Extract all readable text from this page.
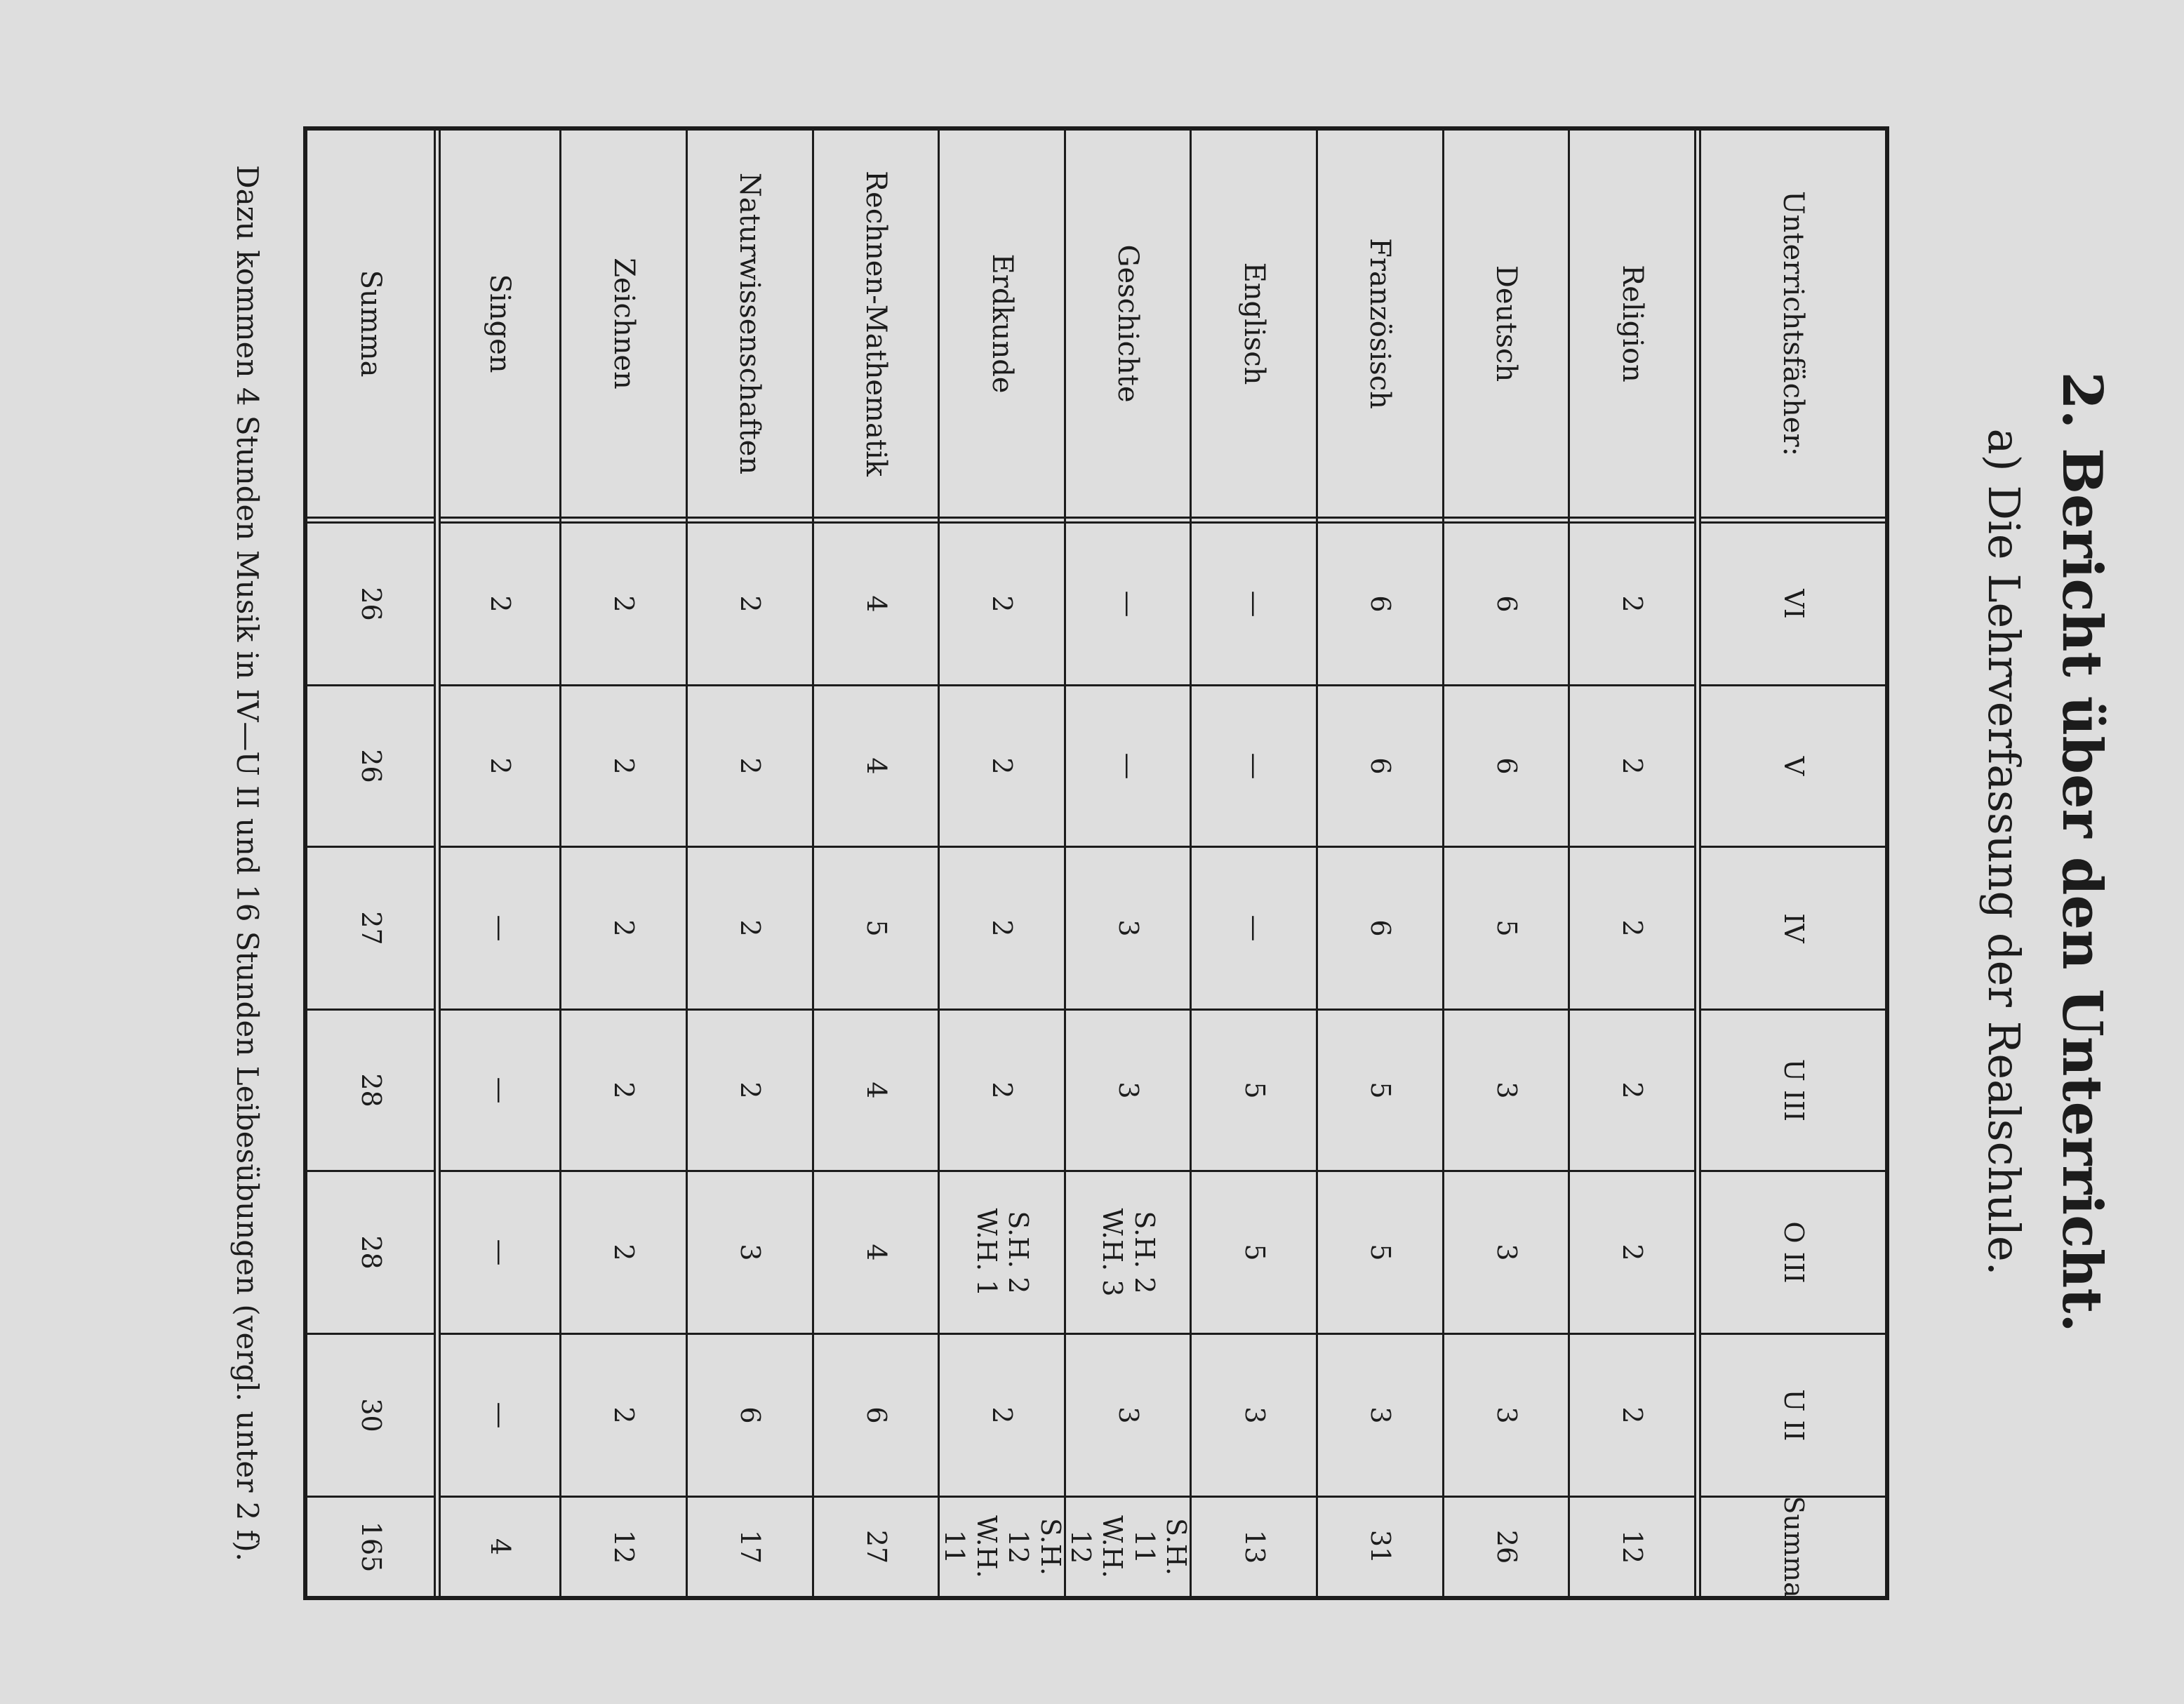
2. Bericht über den Unterricht.
a) Die Lehrverfassung der Realschule.
Unterrichtsfächer:
VI
V
IV
U III
O III
U II
Summa
Religion
2
2
2
2
2
2
12
Deutsch
6
6
5
3
3
3
26
Französisch
6
6
6
5
5
3
31
Englisch
—
—
—
5
5
3
13
Geschichte
—
—
3
3
S.H. 2
W.H. 3
3
S.H. 11
W.H. 12
Erdkunde
2
2
2
2
S.H. 2
W.H. 1
2
S.H. 12
W.H. 11
Rechnen-Mathematik
4
4
5
4
4
6
27
Naturwissenschaften
2
2
2
2
3
6
17
Zeichnen
2
2
2
2
2
2
12
Singen
2
2
—
—
—
—
4
Summa
26
26
27
28
28
30
165
Dazu kommen 4 Stunden Musik in IV—U II und 16 Stunden Leibesübungen (vergl. unter 2 f).
